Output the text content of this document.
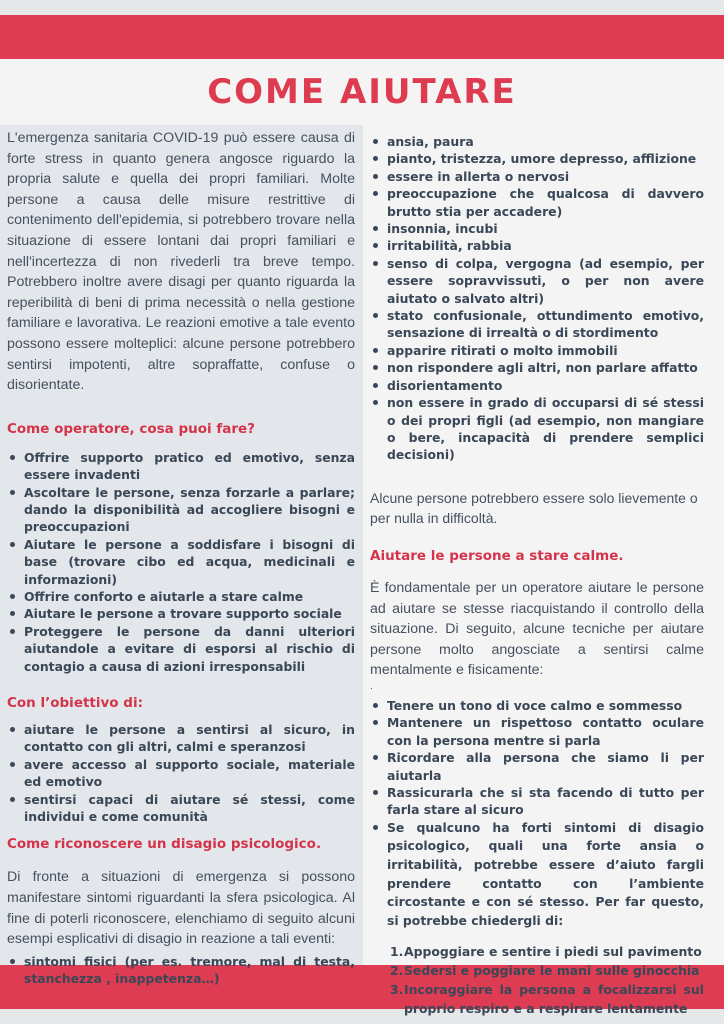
COME AIUTARE

L'emergenza sanitaria COVID-19 può essere causa di forte stress in quanto genera angosce riguardo la propria salute e quella dei propri familiari. Molte persone a causa delle misure restrittive di contenimento dell'epidemia, si potrebbero trovare nella situazione di essere lontani dai propri familiari e nell'incertezza di non rivederli tra breve tempo. Potrebbero inoltre avere disagi per quanto riguarda la reperibilità di beni di prima necessità o nella gestione familiare e lavorativa. Le reazioni emotive a tale evento possono essere molteplici: alcune persone potrebbero sentirsi impotenti, altre sopraffatte, confuse o disorientate.

Come operatore, cosa puoi fare?
Offrire supporto pratico ed emotivo, senza essere invadenti
Ascoltare le persone, senza forzarle a parlare; dando la disponibilità ad accogliere bisogni e preoccupazioni
Aiutare le persone a soddisfare i bisogni di base (trovare cibo ed acqua, medicinali e informazioni)
Offrire conforto e aiutarle a stare calme
Aiutare le persone a trovare supporto sociale
Proteggere le persone da danni ulteriori aiutandole a evitare di esporsi al rischio di contagio a causa di azioni irresponsabili
Con l’obiettivo di:
aiutare le persone a sentirsi al sicuro, in contatto con gli altri, calmi e speranzosi
avere accesso al supporto sociale, materiale ed emotivo
sentirsi capaci di aiutare sé stessi, come individui e come comunità
Come riconoscere un disagio psicologico.

Di fronte a situazioni di emergenza si possono manifestare sintomi riguardanti la sfera psicologica. Al fine di poterli riconoscere, elenchiamo di seguito alcuni esempi esplicativi di disagio in reazione a tali eventi:

sintomi fisici (per es. tremore, mal di testa, stanchezza , inappetenza…)
ansia, paura
pianto, tristezza, umore depresso, afflizione
essere in allerta o nervosi
preoccupazione che qualcosa di davvero brutto stia per accadere)
insonnia, incubi
irritabilità, rabbia
senso di colpa, vergogna (ad esempio, per essere sopravvissuti, o per non avere aiutato o salvato altri)
stato confusionale, ottundimento emotivo, sensazione di irrealtà o di stordimento
apparire ritirati o molto immobili
non rispondere agli altri, non parlare affatto
disorientamento
non essere in grado di occuparsi di sé stessi o dei propri figli (ad esempio, non mangiare o bere, incapacità di prendere semplici decisioni)

Alcune persone potrebbero essere solo lievemente o per nulla in difficoltà.

Aiutare le persone a stare calme.

È fondamentale per un operatore aiutare le persone ad aiutare se stesse riacquistando il controllo della situazione. Di seguito, alcune tecniche per aiutare persone molto angosciate a sentirsi calme mentalmente e fisicamente:

.
Tenere un tono di voce calmo e sommesso
Mantenere un rispettoso contatto oculare con la persona mentre si parla
Ricordare alla persona che siamo li per aiutarla
Rassicurarla che si sta facendo di tutto per farla stare al sicuro
Se qualcuno ha forti sintomi di disagio psicologico, quali una forte ansia o irritabilità, potrebbe essere d’aiuto fargli prendere contatto con l’ambiente circostante e con sé stesso. Per far questo, si potrebbe chiedergli di:
1. Appoggiare e sentire i piedi sul pavimento
2. Sedersi e poggiare le mani sulle ginocchia
3. Incoraggiare la persona a focalizzarsi sul proprio respiro e a respirare lentamente
